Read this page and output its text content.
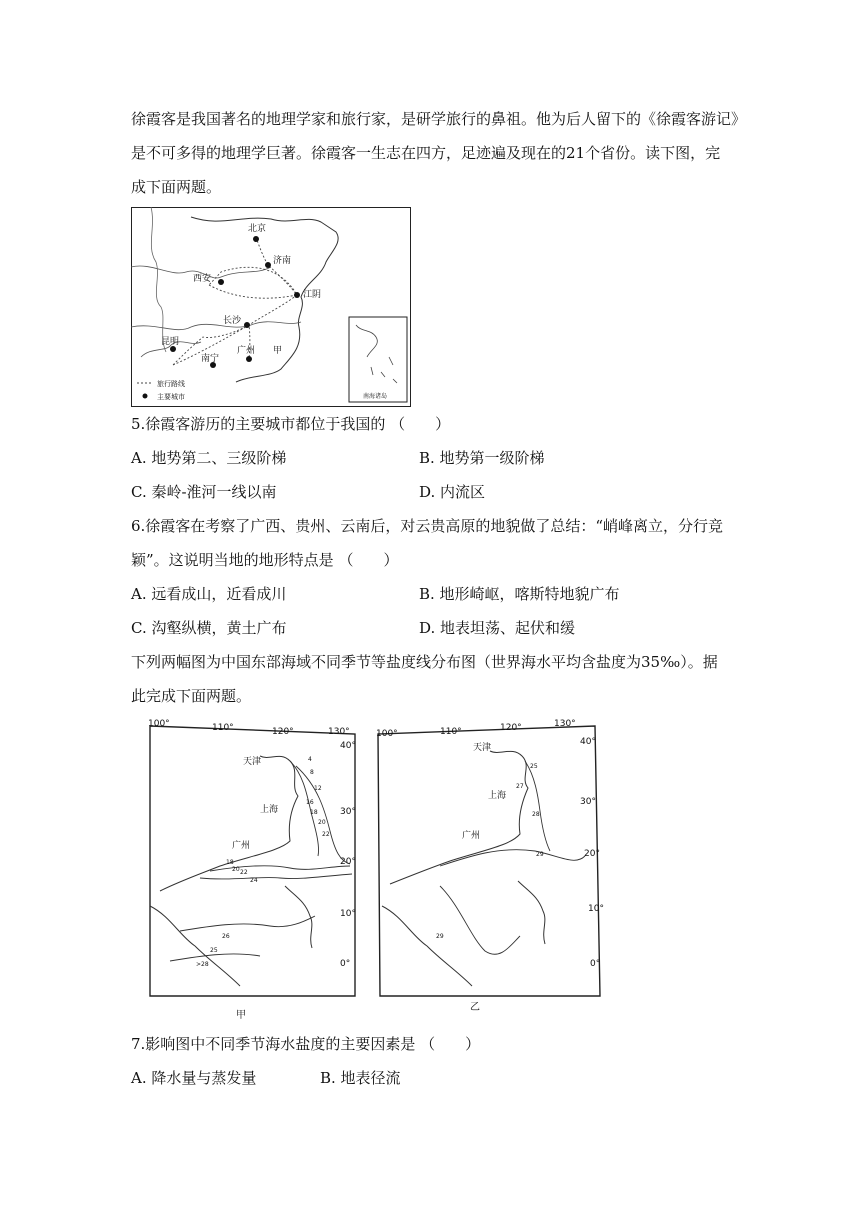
徐霞客是我国著名的地理学家和旅行家，是研学旅行的鼻祖。他为后人留下的《徐霞客游记》
是不可多得的地理学巨著。徐霞客一生志在四方，足迹遍及现在的21个省份。读下图，完
成下面两题。
北京
济南
西安
江阴
长沙
昆明
南宁
广州 甲
旅行路线
主要城市	南海诸岛
5.徐霞客游历的主要城市都位于我国的 （　　）
A. 地势第二、三级阶梯	B. 地势第一级阶梯
C. 秦岭-淮河一线以南	D. 内流区
6.徐霞客在考察了广西、贵州、云南后，对云贵高原的地貌做了总结：“峭峰离立，分行竞
颖”。这说明当地的地形特点是 （　　）
A. 远看成山，近看成川	B. 地形崎岖，喀斯特地貌广布
C. 沟壑纵横，黄土广布	D. 地表坦荡、起伏和缓
下列两幅图为中国东部海域不同季节等盐度线分布图（世界海水平均含盐度为35‰）。据
此完成下面两题。
100°	110°	120°	130°
40°
30°
20°
10°
0°
天津
上海
广州
4
8
12
16
18
20
22
18
20 22
24
26
25
>28
甲
100°	110°	120°	130°
40°
30°
20°
10°
0°
天津
上海
广州
25
27
28
29
29
乙
7.影响图中不同季节海水盐度的主要因素是 （　　）
A. 降水量与蒸发量	B. 地表径流
